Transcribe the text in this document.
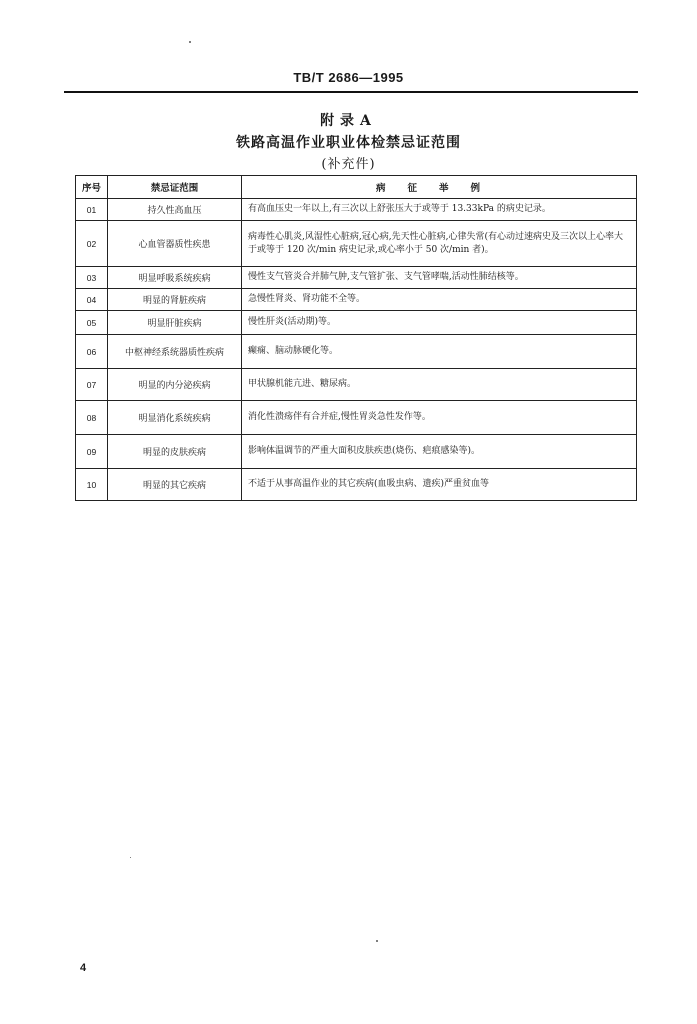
TB/T 2686—1995
附录A
铁路高温作业职业体检禁忌证范围
(补充件)
序号	禁忌证范围	病征举例
01	持久性高血压	有高血压史一年以上,有三次以上舒张压大于或等于 13.33kPa 的病史记录。
02	心血管器质性疾患	病毒性心肌炎,风湿性心脏病,冠心病,先天性心脏病,心律失常(有心动过速病史及三次以上心率大于或等于 120 次/min 病史记录,或心率小于 50 次/min 者)。
03	明显呼吸系统疾病	慢性支气管炎合并肺气肿,支气管扩张、支气管哮喘,活动性肺结核等。
04	明显的肾脏疾病	急慢性肾炎、肾功能不全等。
05	明显肝脏疾病	慢性肝炎(活动期)等。
06	中枢神经系统器质性疾病	癫痫、脑动脉硬化等。
07	明显的内分泌疾病	甲状腺机能亢进、糖尿病。
08	明显消化系统疾病	消化性溃疡伴有合并症,慢性胃炎急性发作等。
09	明显的皮肤疾病	影响体温调节的严重大面积皮肤疾患(烧伤、疤痕感染等)。
10	明显的其它疾病	不适于从事高温作业的其它疾病(血吸虫病、遗疾)严重贫血等
4
